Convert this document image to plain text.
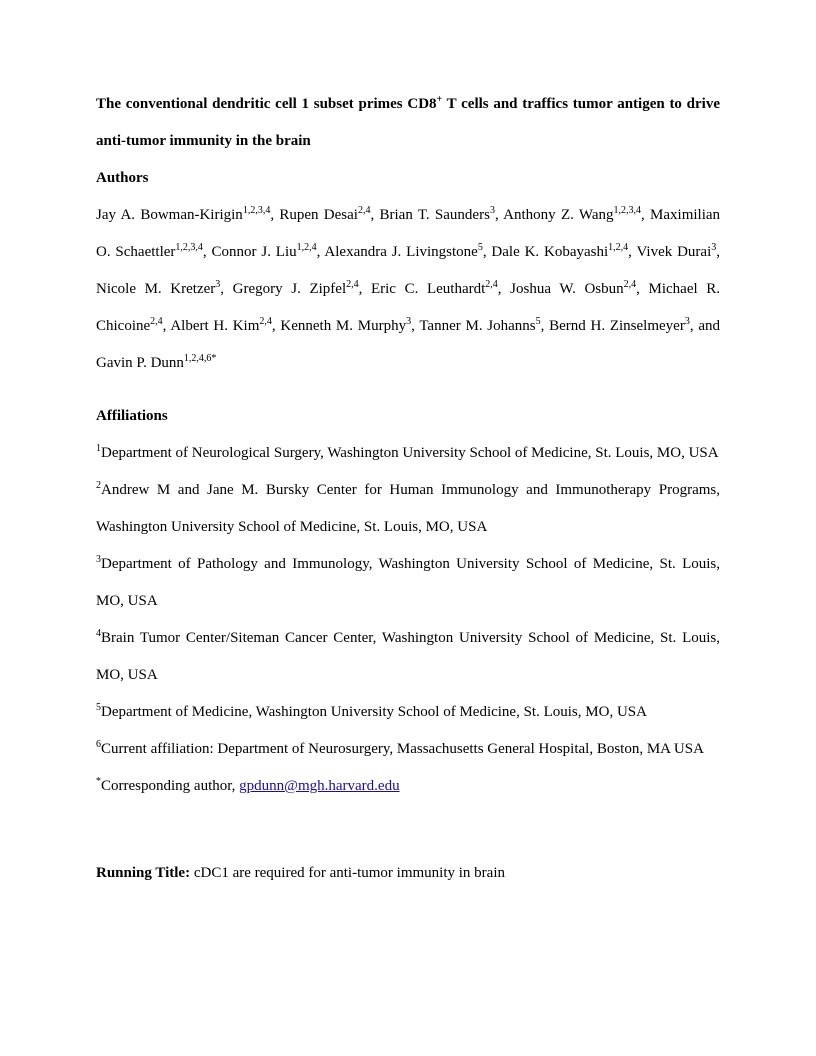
The conventional dendritic cell 1 subset primes CD8+ T cells and traffics tumor antigen to drive anti-tumor immunity in the brain

Authors

Jay A. Bowman-Kirigin$^{1,2,3,4}$, Rupen Desai$^{2,4}$, Brian T. Saunders$^3$, Anthony Z. Wang$^{1,2,3,4}$, Maximilian O. Schaettler$^{1,2,3,4}$, Connor J. Liu$^{1,2,4}$, Alexandra J. Livingstone$^5$, Dale K. Kobayashi$^{1,2,4}$, Vivek Durai$^3$, Nicole M. Kretzer$^3$, Gregory J. Zipfel$^{2,4}$, Eric C. Leuthardt$^{2,4}$, Joshua W. Osbun$^{2,4}$, Michael R. Chicoine$^{2,4}$, Albert H. Kim$^{2,4}$, Kenneth M. Murphy$^3$, Tanner M. Johanns$^5$, Bernd H. Zinselmeyer$^3$, and Gavin P. Dunn$^{1,2,4,6*}$

Affiliations

$^1$Department of Neurological Surgery, Washington University School of Medicine, St. Louis, MO, USA

$^2$Andrew M and Jane M. Bursky Center for Human Immunology and Immunotherapy Programs, Washington University School of Medicine, St. Louis, MO, USA

$^3$Department of Pathology and Immunology, Washington University School of Medicine, St. Louis, MO, USA

$^4$Brain Tumor Center/Siteman Cancer Center, Washington University School of Medicine, St. Louis, MO, USA

$^5$Department of Medicine, Washington University School of Medicine, St. Louis, MO, USA

$^6$Current affiliation: Department of Neurosurgery, Massachusetts General Hospital, Boston, MA USA

*Corresponding author, gpdunn@mgh.harvard.edu

Running Title: cDC1 are required for anti-tumor immunity in brain
